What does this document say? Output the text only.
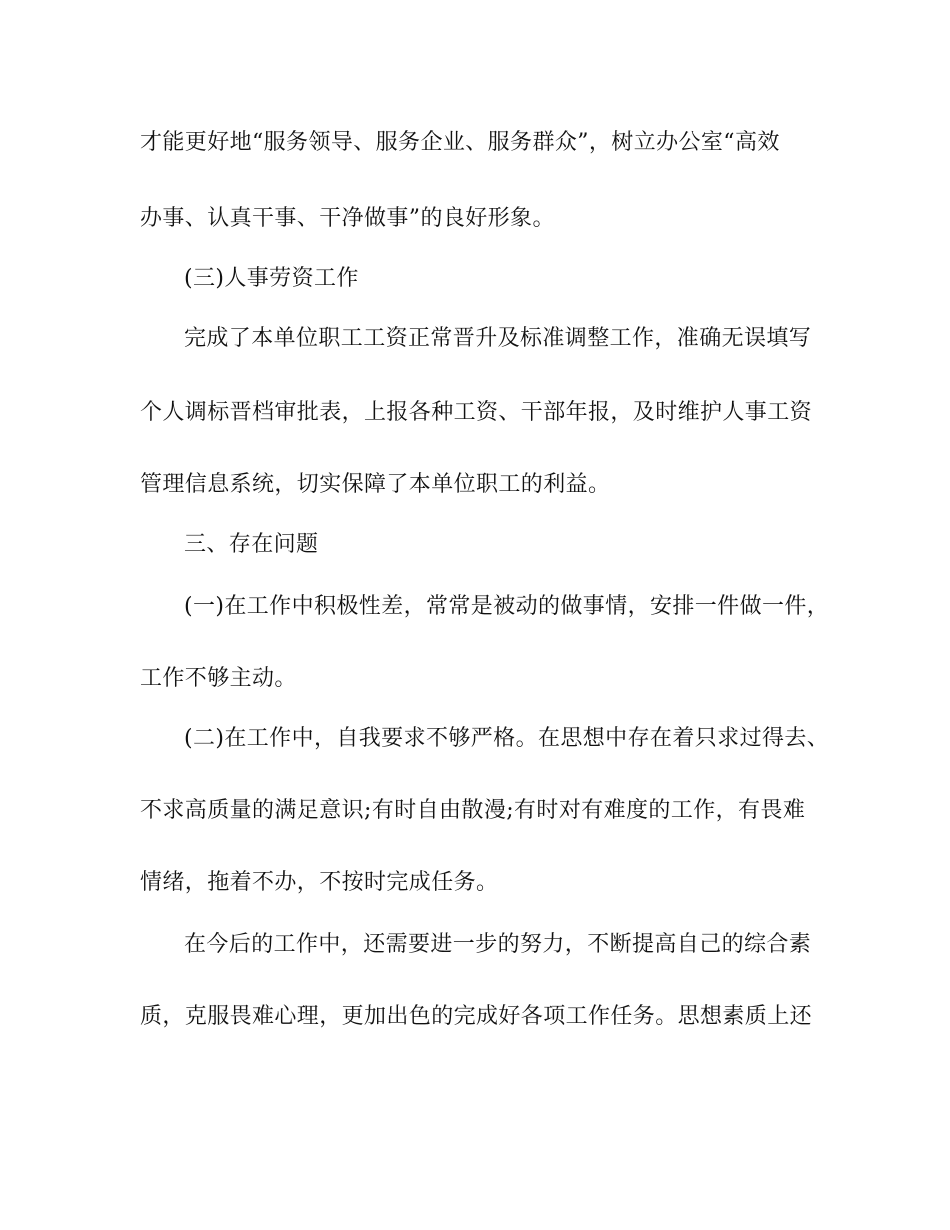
才能更好地“服务领导、服务企业、服务群众”，树立办公室“高效
办事、认真干事、干净做事”的良好形象。
(三)人事劳资工作
完成了本单位职工工资正常晋升及标准调整工作，准确无误填写
个人调标晋档审批表，上报各种工资、干部年报，及时维护人事工资
管理信息系统，切实保障了本单位职工的利益。
三、存在问题
(一)在工作中积极性差，常常是被动的做事情，安排一件做一件，
工作不够主动。
(二)在工作中，自我要求不够严格。在思想中存在着只求过得去、
不求高质量的满足意识;有时自由散漫;有时对有难度的工作，有畏难
情绪，拖着不办，不按时完成任务。
在今后的工作中，还需要进一步的努力，不断提高自己的综合素
质，克服畏难心理，更加出色的完成好各项工作任务。思想素质上还
